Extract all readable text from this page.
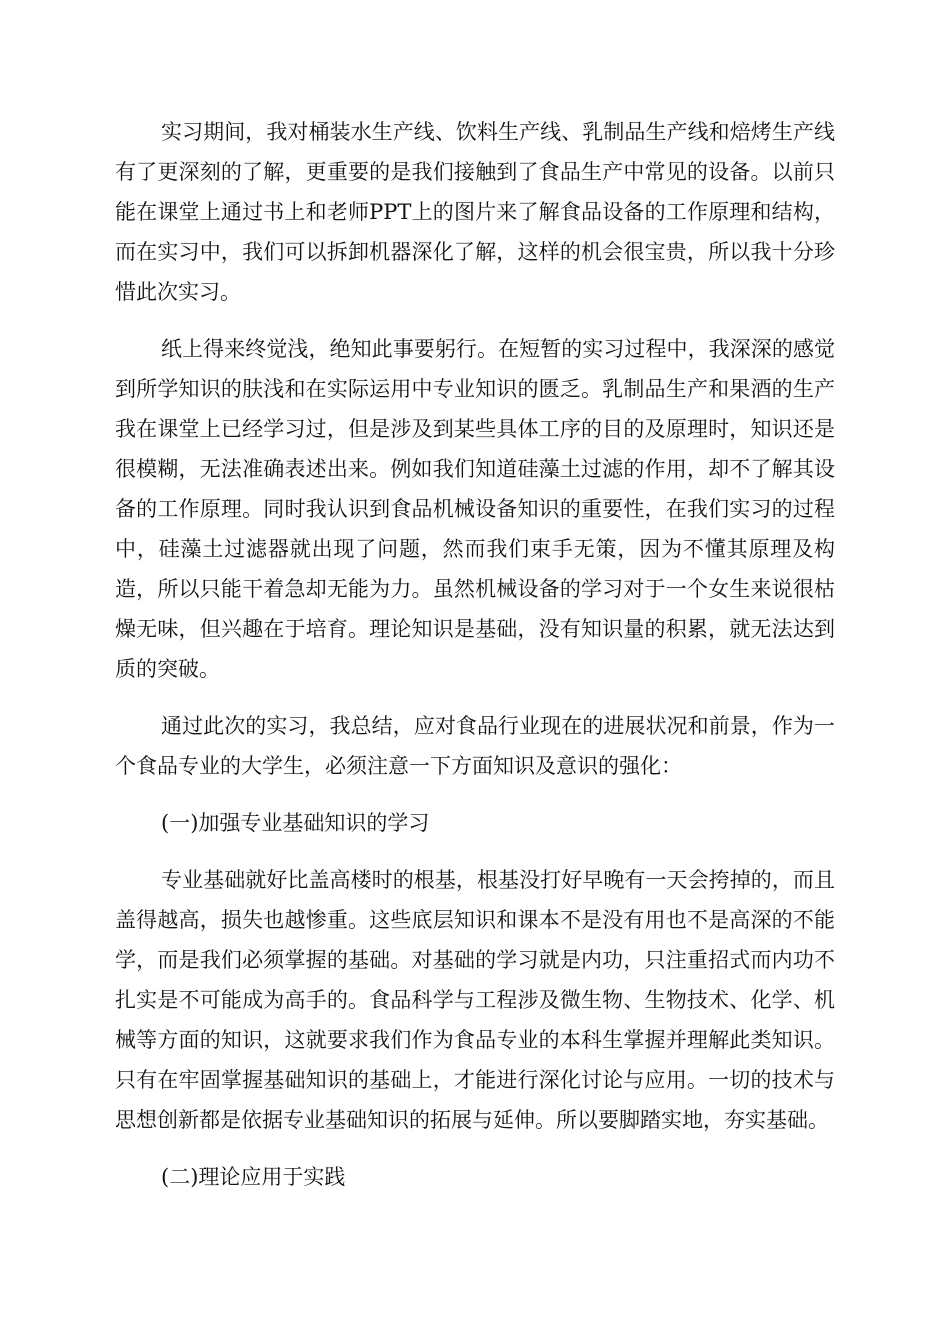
实习期间，我对桶装水生产线、饮料生产线、乳制品生产线和焙烤生产线有了更深刻的了解，更重要的是我们接触到了食品生产中常见的设备。以前只能在课堂上通过书上和老师PPT上的图片来了解食品设备的工作原理和结构，而在实习中，我们可以拆卸机器深化了解，这样的机会很宝贵，所以我十分珍惜此次实习。

纸上得来终觉浅，绝知此事要躬行。在短暂的实习过程中，我深深的感觉到所学知识的肤浅和在实际运用中专业知识的匮乏。乳制品生产和果酒的生产我在课堂上已经学习过，但是涉及到某些具体工序的目的及原理时，知识还是很模糊，无法准确表述出来。例如我们知道硅藻土过滤的作用，却不了解其设备的工作原理。同时我认识到食品机械设备知识的重要性，在我们实习的过程中，硅藻土过滤器就出现了问题，然而我们束手无策，因为不懂其原理及构造，所以只能干着急却无能为力。虽然机械设备的学习对于一个女生来说很枯燥无味，但兴趣在于培育。理论知识是基础，没有知识量的积累，就无法达到质的突破。

通过此次的实习，我总结，应对食品行业现在的进展状况和前景，作为一个食品专业的大学生，必须注意一下方面知识及意识的强化：

(一)加强专业基础知识的学习

专业基础就好比盖高楼时的根基，根基没打好早晚有一天会挎掉的，而且盖得越高，损失也越惨重。这些底层知识和课本不是没有用也不是高深的不能学，而是我们必须掌握的基础。对基础的学习就是内功，只注重招式而内功不扎实是不可能成为高手的。食品科学与工程涉及微生物、生物技术、化学、机械等方面的知识，这就要求我们作为食品专业的本科生掌握并理解此类知识。只有在牢固掌握基础知识的基础上，才能进行深化讨论与应用。一切的技术与思想创新都是依据专业基础知识的拓展与延伸。所以要脚踏实地，夯实基础。

(二)理论应用于实践
